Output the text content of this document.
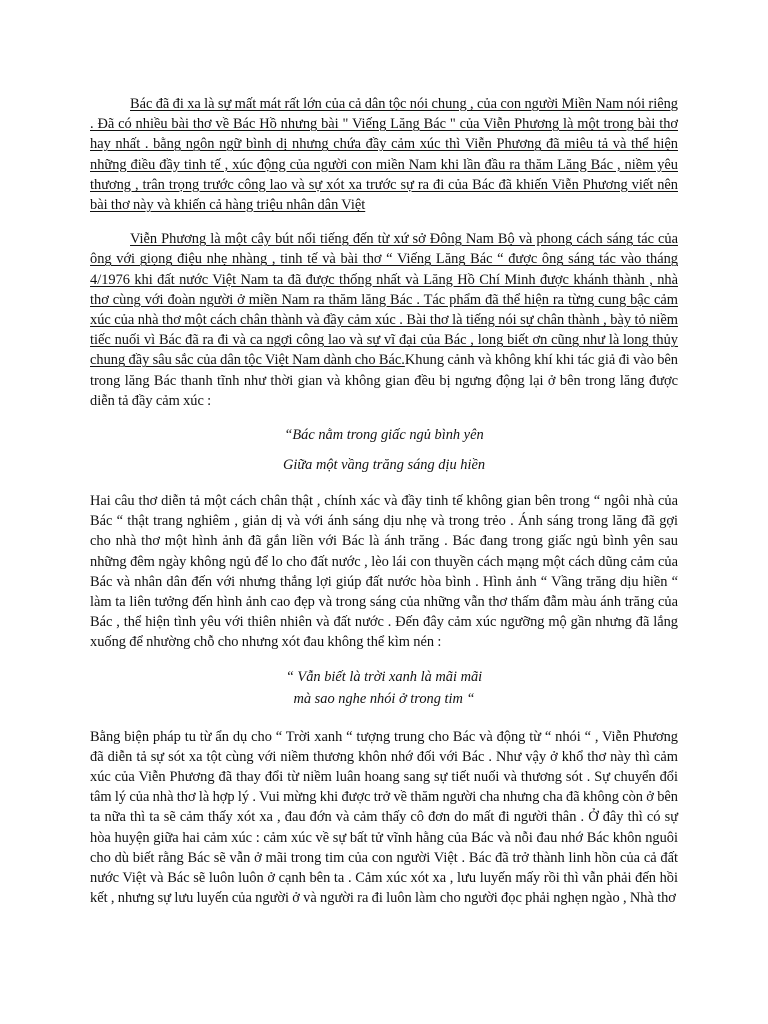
Bác đã đi xa là sự mất mát rất lớn của cả dân tộc nói chung , của con người Miền Nam nói riêng . Đã có nhiều bài thơ về Bác Hồ nhưng bài " Viếng Lăng Bác " của Viễn Phương là một trong bài thơ hay nhất . bằng ngôn ngữ bình dị nhưng chứa đầy cảm xúc thì Viễn Phương đã miêu tả và thể hiện những điều đầy tinh tế , xúc động của người con miền Nam khi lần đầu ra thăm Lăng Bác , niềm yêu thương , trân trọng trước công lao và sự xót xa trước sự ra đi của Bác đã khiến Viễn Phương viết nên bài thơ này và khiến cả hàng triệu nhân dân Việt

Viễn Phương là một cây bút nổi tiếng đến từ xứ sở Đông Nam Bộ và phong cách sáng tác của ông với giọng điệu nhẹ nhàng , tinh tế và bài thơ “ Viếng Lăng Bác “ được ông sáng tác vào tháng 4/1976 khi đất nước Việt Nam ta đã được thống nhất và Lăng Hồ Chí Minh được khánh thành , nhà thơ cùng với đoàn người ở miền Nam ra thăm lăng Bác . Tác phẩm đã thể hiện ra từng cung bậc cảm xúc của nhà thơ một cách chân thành và đầy cảm xúc . Bài thơ là tiếng nói sự chân thành , bày tỏ niềm tiếc nuối vì Bác đã ra đi và ca ngợi công lao và sự vĩ đại của Bác , long biết ơn cũng như là long thủy chung đầy sâu sắc của dân tộc Việt Nam dành cho Bác.Khung cảnh và không khí khi tác giả đi vào bên trong lăng Bác thanh tĩnh như thời gian và không gian đều bị ngưng động lại ở bên trong lăng được diễn tả đầy cảm xúc :

“Bác nằm trong giấc ngủ bình yên

Giữa một vầng trăng sáng dịu hiền

Hai câu thơ diễn tả một cách chân thật , chính xác và đầy tinh tế không gian bên trong “ ngôi nhà của Bác “ thật trang nghiêm , giản dị và với ánh sáng dịu nhẹ và trong trẻo . Ánh sáng trong lăng đã gợi cho nhà thơ một hình ảnh đã gắn liền với Bác là ánh trăng . Bác đang trong giấc ngủ bình yên sau những đêm ngày không ngủ để lo cho đất nước , lèo lái con thuyền cách mạng một cách dũng cảm của Bác và nhân dân đến với nhưng thắng lợi giúp đất nước hòa bình . Hình ảnh “ Vầng trăng dịu hiền “ làm ta liên tưởng đến hình ảnh cao đẹp và trong sáng của những vẫn thơ thấm đẫm màu ánh trăng của Bác , thể hiện tình yêu với thiên nhiên và đất nước . Đến đây cảm xúc ngưỡng mộ gần nhưng đã lắng xuống để nhường chỗ cho nhưng xót đau không thể kìm nén :

“ Vẫn biết là trời xanh là mãi mãi

mà sao nghe nhói ở trong tim “

Bằng biện pháp tu từ ẩn dụ cho “ Trời xanh “ tượng trung cho Bác và động từ “ nhói “ , Viễn Phương đã diễn tả sự sót xa tột cùng với niềm thương khôn nhớ đối với Bác . Như vậy ở khổ thơ này thì cảm xúc của Viễn Phương đã thay đổi từ niềm luân hoang sang sự tiết nuối và thương sót . Sự chuyển đổi tâm lý của nhà thơ là hợp lý . Vui mừng khi được trở về thăm người cha nhưng cha đã không còn ở bên ta nữa thì ta sẽ cảm thấy xót xa , đau đớn và cảm thấy cô đơn do mất đi người thân . Ở đây thì có sự hòa huyện giữa hai cảm xúc : cảm xúc về sự bất tử vĩnh hằng của Bác và nỗi đau nhớ Bác khôn nguôi cho dù biết rằng Bác sẽ vẫn ở mãi trong tim của con người Việt . Bác đã trở thành linh hồn của cả đất nước Việt và Bác sẽ luôn luôn ở cạnh bên ta . Cảm xúc xót xa , lưu luyến mấy rồi thì vẫn phải đến hồi kết , nhưng sự lưu luyến của người ở và người ra đi luôn làm cho người đọc phải nghẹn ngào , Nhà thơ
